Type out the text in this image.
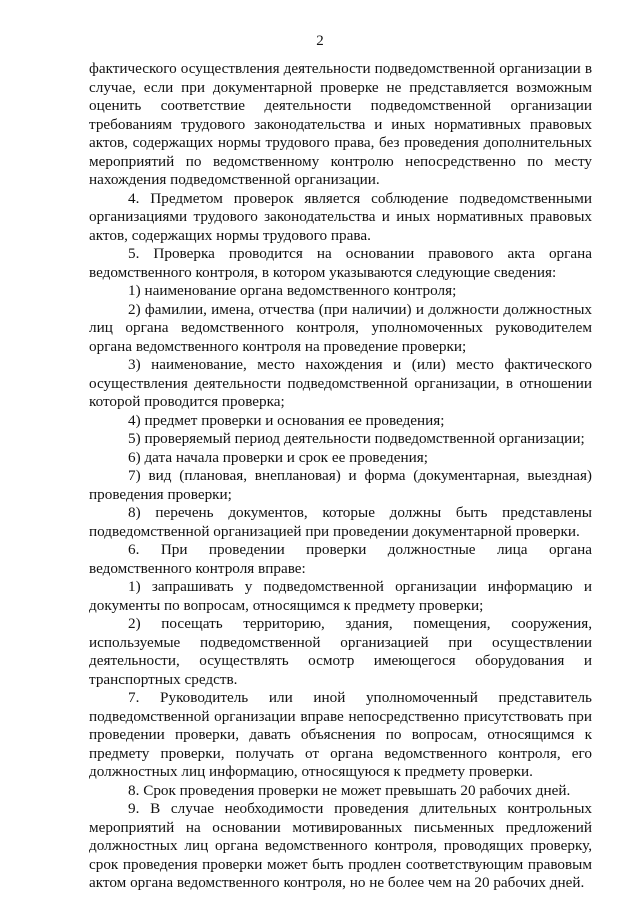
2

фактического осуществления деятельности подведомственной организации в случае, если при документарной проверке не представляется возможным оценить соответствие деятельности подведомственной организации требованиям трудового законодательства и иных нормативных правовых актов, содержащих нормы трудового права, без проведения дополнительных мероприятий по ведомственному контролю непосредственно по месту нахождения подведомственной организации.

4. Предметом проверок является соблюдение подведомственными организациями трудового законодательства и иных нормативных правовых актов, содержащих нормы трудового права.

5. Проверка проводится на основании правового акта органа ведомственного контроля, в котором указываются следующие сведения:

1) наименование органа ведомственного контроля;

2) фамилии, имена, отчества (при наличии) и должности должностных лиц органа ведомственного контроля, уполномоченных руководителем органа ведомственного контроля на проведение проверки;

3) наименование, место нахождения и (или) место фактического осуществления деятельности подведомственной организации, в отношении которой проводится проверка;

4) предмет проверки и основания ее проведения;

5) проверяемый период деятельности подведомственной организации;

6) дата начала проверки и срок ее проведения;

7) вид (плановая, внеплановая) и форма (документарная, выездная) проведения проверки;

8) перечень документов, которые должны быть представлены подведомственной организацией при проведении документарной проверки.

6. При проведении проверки должностные лица органа ведомственного контроля вправе:

1) запрашивать у подведомственной организации информацию и документы по вопросам, относящимся к предмету проверки;

2) посещать территорию, здания, помещения, сооружения, используемые подведомственной организацией при осуществлении деятельности, осуществлять осмотр имеющегося оборудования и транспортных средств.

7. Руководитель или иной уполномоченный представитель подведомственной организации вправе непосредственно присутствовать при проведении проверки, давать объяснения по вопросам, относящимся к предмету проверки, получать от органа ведомственного контроля, его должностных лиц информацию, относящуюся к предмету проверки.

8. Срок проведения проверки не может превышать 20 рабочих дней.

9. В случае необходимости проведения длительных контрольных мероприятий на основании мотивированных письменных предложений должностных лиц органа ведомственного контроля, проводящих проверку, срок проведения проверки может быть продлен соответствующим правовым актом органа ведомственного контроля, но не более чем на 20 рабочих дней.
